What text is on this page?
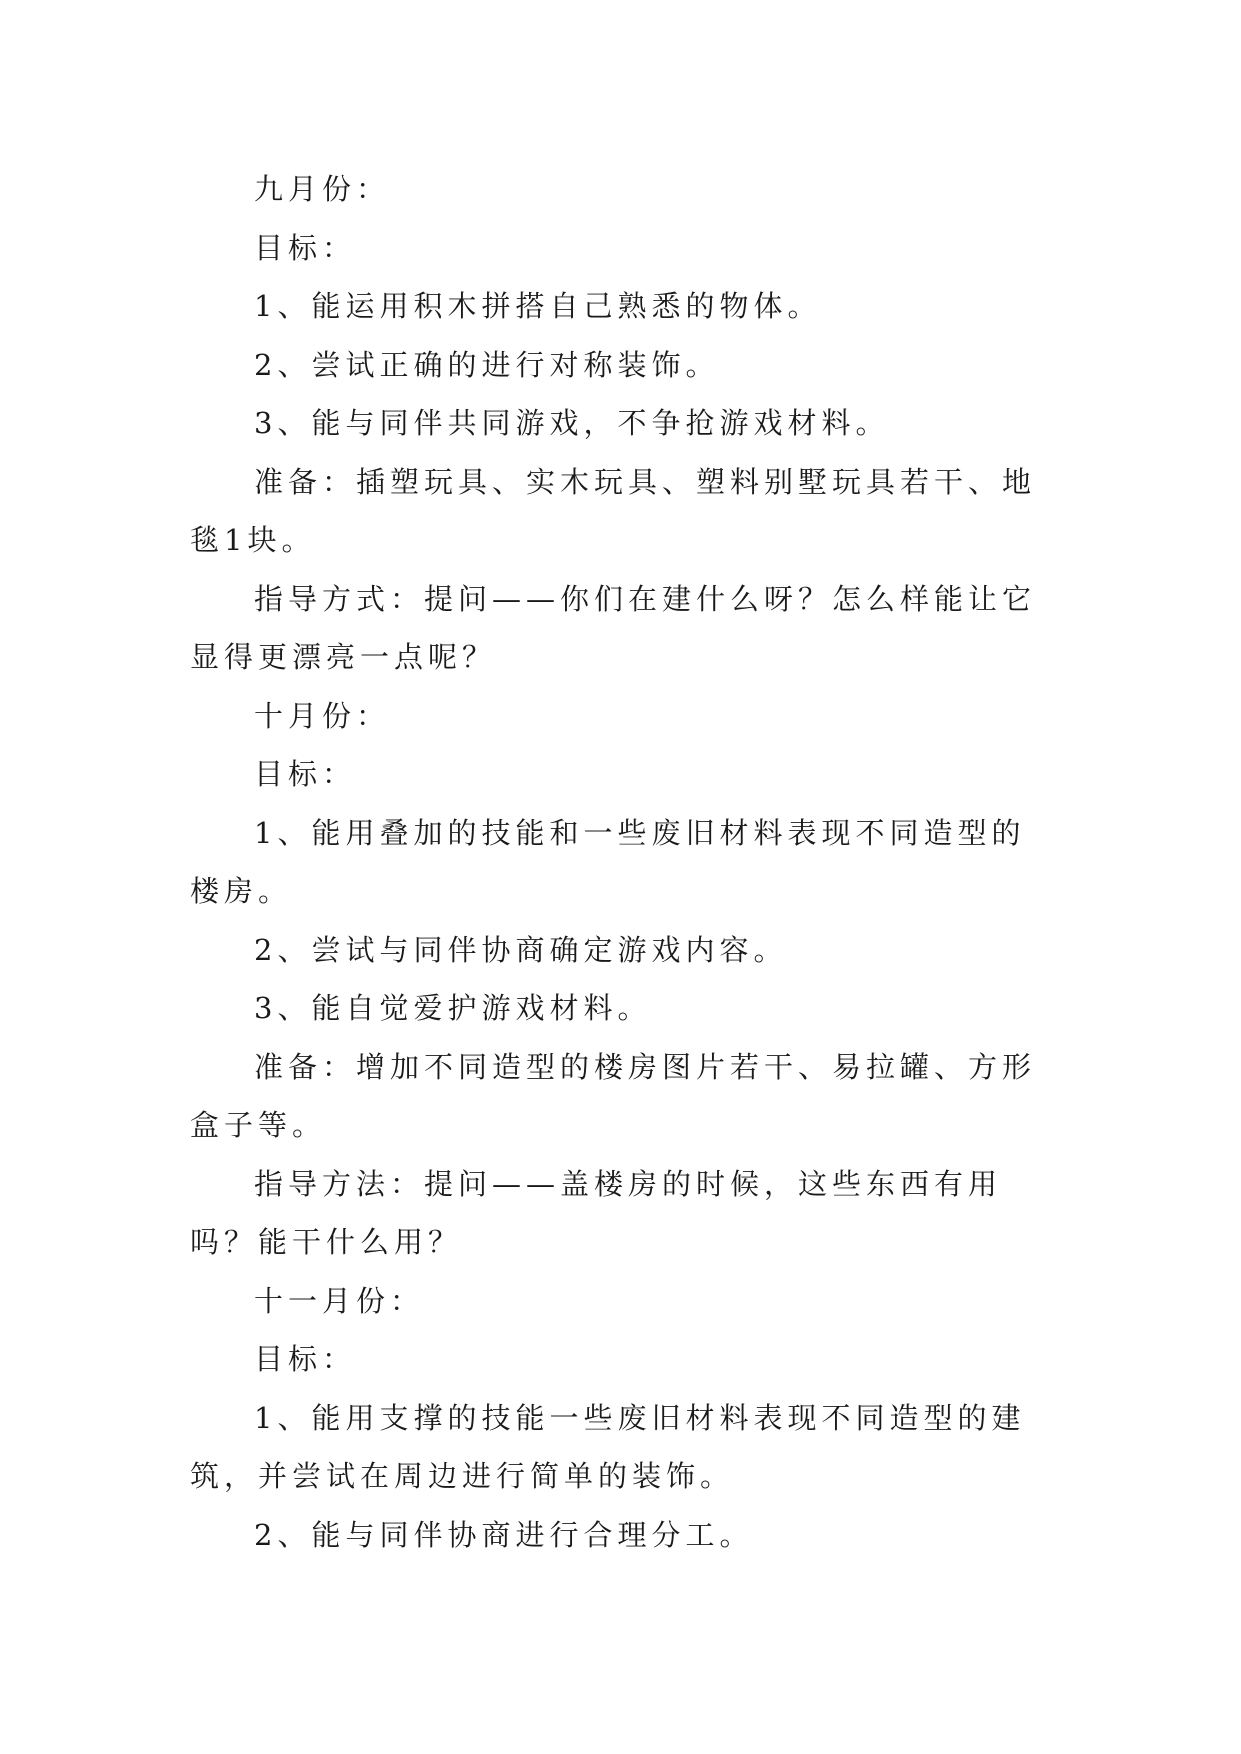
九月份：

目标：

1、能运用积木拼搭自己熟悉的物体。

2、尝试正确的进行对称装饰。

3、能与同伴共同游戏，不争抢游戏材料。

准备：插塑玩具、实木玩具、塑料别墅玩具若干、地毯1块。

指导方式：提问——你们在建什么呀？怎么样能让它显得更漂亮一点呢？

十月份：

目标：

1、能用叠加的技能和一些废旧材料表现不同造型的楼房。

2、尝试与同伴协商确定游戏内容。

3、能自觉爱护游戏材料。

准备：增加不同造型的楼房图片若干、易拉罐、方形盒子等。

指导方法：提问——盖楼房的时候，这些东西有用吗？能干什么用？

十一月份：

目标：

1、能用支撑的技能一些废旧材料表现不同造型的建筑，并尝试在周边进行简单的装饰。

2、能与同伴协商进行合理分工。
